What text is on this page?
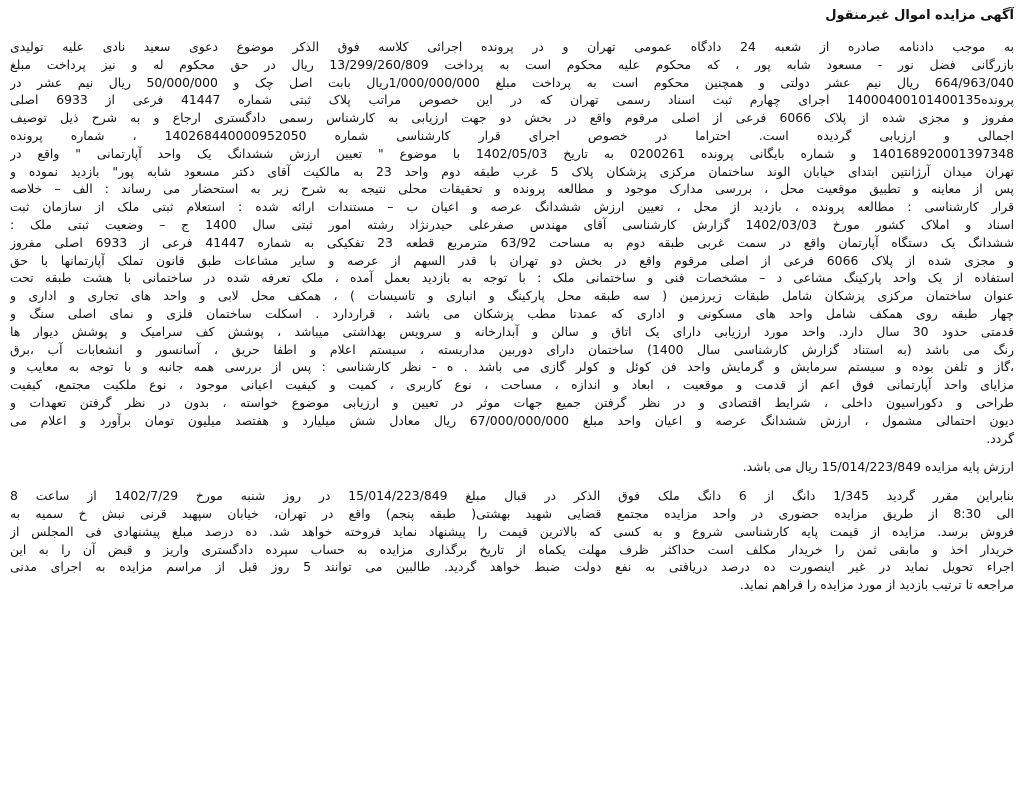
آگهی مزایده اموال غیرمنقول
به موجب دادنامه صادره از شعبه 24 دادگاه عمومی تهران و در پرونده اجرائی کلاسه فوق الذکر موضوع دعوی سعید نادی علیه تولیدی
بازرگانی فضل نور - مسعود شابه پور ، که محکوم علیه محکوم است به پرداخت 13/299/260/809 ریال در حق محکوم له و نیز پرداخت مبلغ
664/963/040 ریال نیم عشر دولتی و همچنین محکوم است به پرداخت مبلغ 1/000/000/000ریال بابت اصل چک و 50/000/000 ریال نیم عشر در
پرونده14000400101400135 اجرای چهارم ثبت اسناد رسمی تهران که در این خصوص مراتب پلاک ثبتی شماره 41447 فرعی از 6933 اصلی
مفروز و مجزی شده از پلاک 6066 فرعی از اصلی مرقوم واقع در بخش دو جهت ارزیابی به کارشناس رسمی دادگستری ارجاع و به شرح ذیل توصیف
اجمالی و ارزیابی گردیده است. احتراما در خصوص اجرای قرار کارشناسی شماره 140268440000952050 ، شماره پرونده
140168920001397348 و شماره بایگانی پرونده 0200261 به تاریخ 1402/05/03 با موضوع " تعیین ارزش ششدانگ یک واحد آپارتمانی " واقع در
تهران میدان آرژانتین ابتدای خیابان الوند ساختمان مرکزی پزشکان پلاک 5 غرب طبقه دوم واحد 23 به مالکیت آقای دکتر مسعود شابه پور" بازدید نموده و
پس از معاینه و تطبیق موقعیت محل ، بررسی مدارک موجود و مطالعه پرونده و تحقیقات محلی نتیجه به شرح زیر به استحضار می رساند : الف – خلاصه
قرار کارشناسی : مطالعه پرونده ، بازدید از محل ، تعیین ارزش ششدانگ عرصه و اعیان ب – مستندات ارائه شده : استعلام ثبتی ملک از سازمان ثبت
اسناد و املاک کشور مورخ 1402/03/03 گزارش کارشناسی آقای مهندس صفرعلی حیدرنژاد رشته امور ثبتی سال 1400 ج – وضعیت ثبتی ملک :
ششدانگ یک دستگاه آپارتمان واقع در سمت غربی طبقه دوم به مساحت 63/92 مترمربع قطعه 23 تفکیکی به شماره 41447 فرعی از 6933 اصلی مفروز
و مجزی شده از پلاک 6066 فرعی از اصلی مرقوم واقع در بخش دو تهران با قدر السهم از عرصه و سایر مشاعات طبق قانون تملک آپارتمانها با حق
استفاده از یک واحد پارکینگ مشاعی د – مشخصات فنی و ساختمانی ملک : با توجه به بازدید بعمل آمده ، ملک تعرفه شده در ساختمانی با هشت طبقه تحت
عنوان ساختمان مرکزی پزشکان شامل طبقات زیرزمین ( سه طبقه محل پارکینگ و انباری و تاسیسات ) ، همکف محل لابی و واحد های تجاری و اداری و
چهار طبقه روی همکف شامل واحد های مسکونی و اداری که عمدتا مطب پزشکان می باشد ، قراردارد . اسکلت ساختمان فلزی و نمای اصلی سنگ و
قدمتی حدود 30 سال دارد. واحد مورد ارزیابی دارای یک اتاق و سالن و آبدارخانه و سرویس بهداشتی میباشد ، پوشش کف سرامیک و پوشش دیوار ها
رنگ می باشد (به استناد گزارش کارشناسی سال 1400) ساختمان دارای دوربین مداربسته ، سیستم اعلام و اطفا حریق ، آسانسور و انشعابات آب ،برق
،گاز و تلفن بوده و سیستم سرمایش و گرمایش واحد فن کوئل و کولر گازی می باشد . ه - نظر کارشناسی : پس از بررسی همه جانبه و با توجه به معایب و
مزایای واحد آپارتمانی فوق اعم از قدمت و موقعیت ، ابعاد و اندازه ، مساحت ، نوع کاربری ، کمیت و کیفیت اعیانی موجود ، نوع ملکیت مجتمع، کیفیت
طراحی و دکوراسیون داخلی ، شرایط اقتصادی و در نظر گرفتن جمیع جهات موثر در تعیین و ارزیابی موضوع خواسته ، بدون در نظر گرفتن تعهدات و
دیون احتمالی مشمول ، ارزش ششدانگ عرصه و اعیان واحد مبلغ 67/000/000/000 ریال معادل شش میلیارد و هفتصد میلیون تومان برآورد و اعلام می
گردد.
ارزش پایه مزایده 15/014/223/849 ریال می باشد.
بنابراین مقرر گردید 1/345 دانگ از 6 دانگ ملک فوق الذکر در قبال مبلغ 15/014/223/849 در روز شنبه مورخ 1402/7/29 از ساعت 8
الی 8:30 از طریق مزایده حضوری در واحد مزایده مجتمع قضایی شهید بهشتی( طبقه پنجم) واقع در تهران، خیابان سپهبد قرنی نبش خ سمیه به
فروش برسد. مزایده از قیمت پایه کارشناسی شروع و به کسی که بالاترین قیمت را پیشنهاد نماید فروخته خواهد شد. ده درصد مبلغ پیشنهادی فی المجلس از
خریدار اخذ و مابقی ثمن را خریدار مکلف است حداکثر ظرف مهلت یکماه از تاریخ برگذاری مزایده به حساب سپرده دادگستری واریز و قبض آن را به این
اجراء تحویل نماید در غیر اینصورت ده درصد دریافتی به نفع دولت ضبط خواهد گردید. طالبین می توانند 5 روز قبل از مراسم مزایده به اجرای مدنی
مراجعه تا ترتیب بازدید از مورد مزایده را فراهم نماید.
